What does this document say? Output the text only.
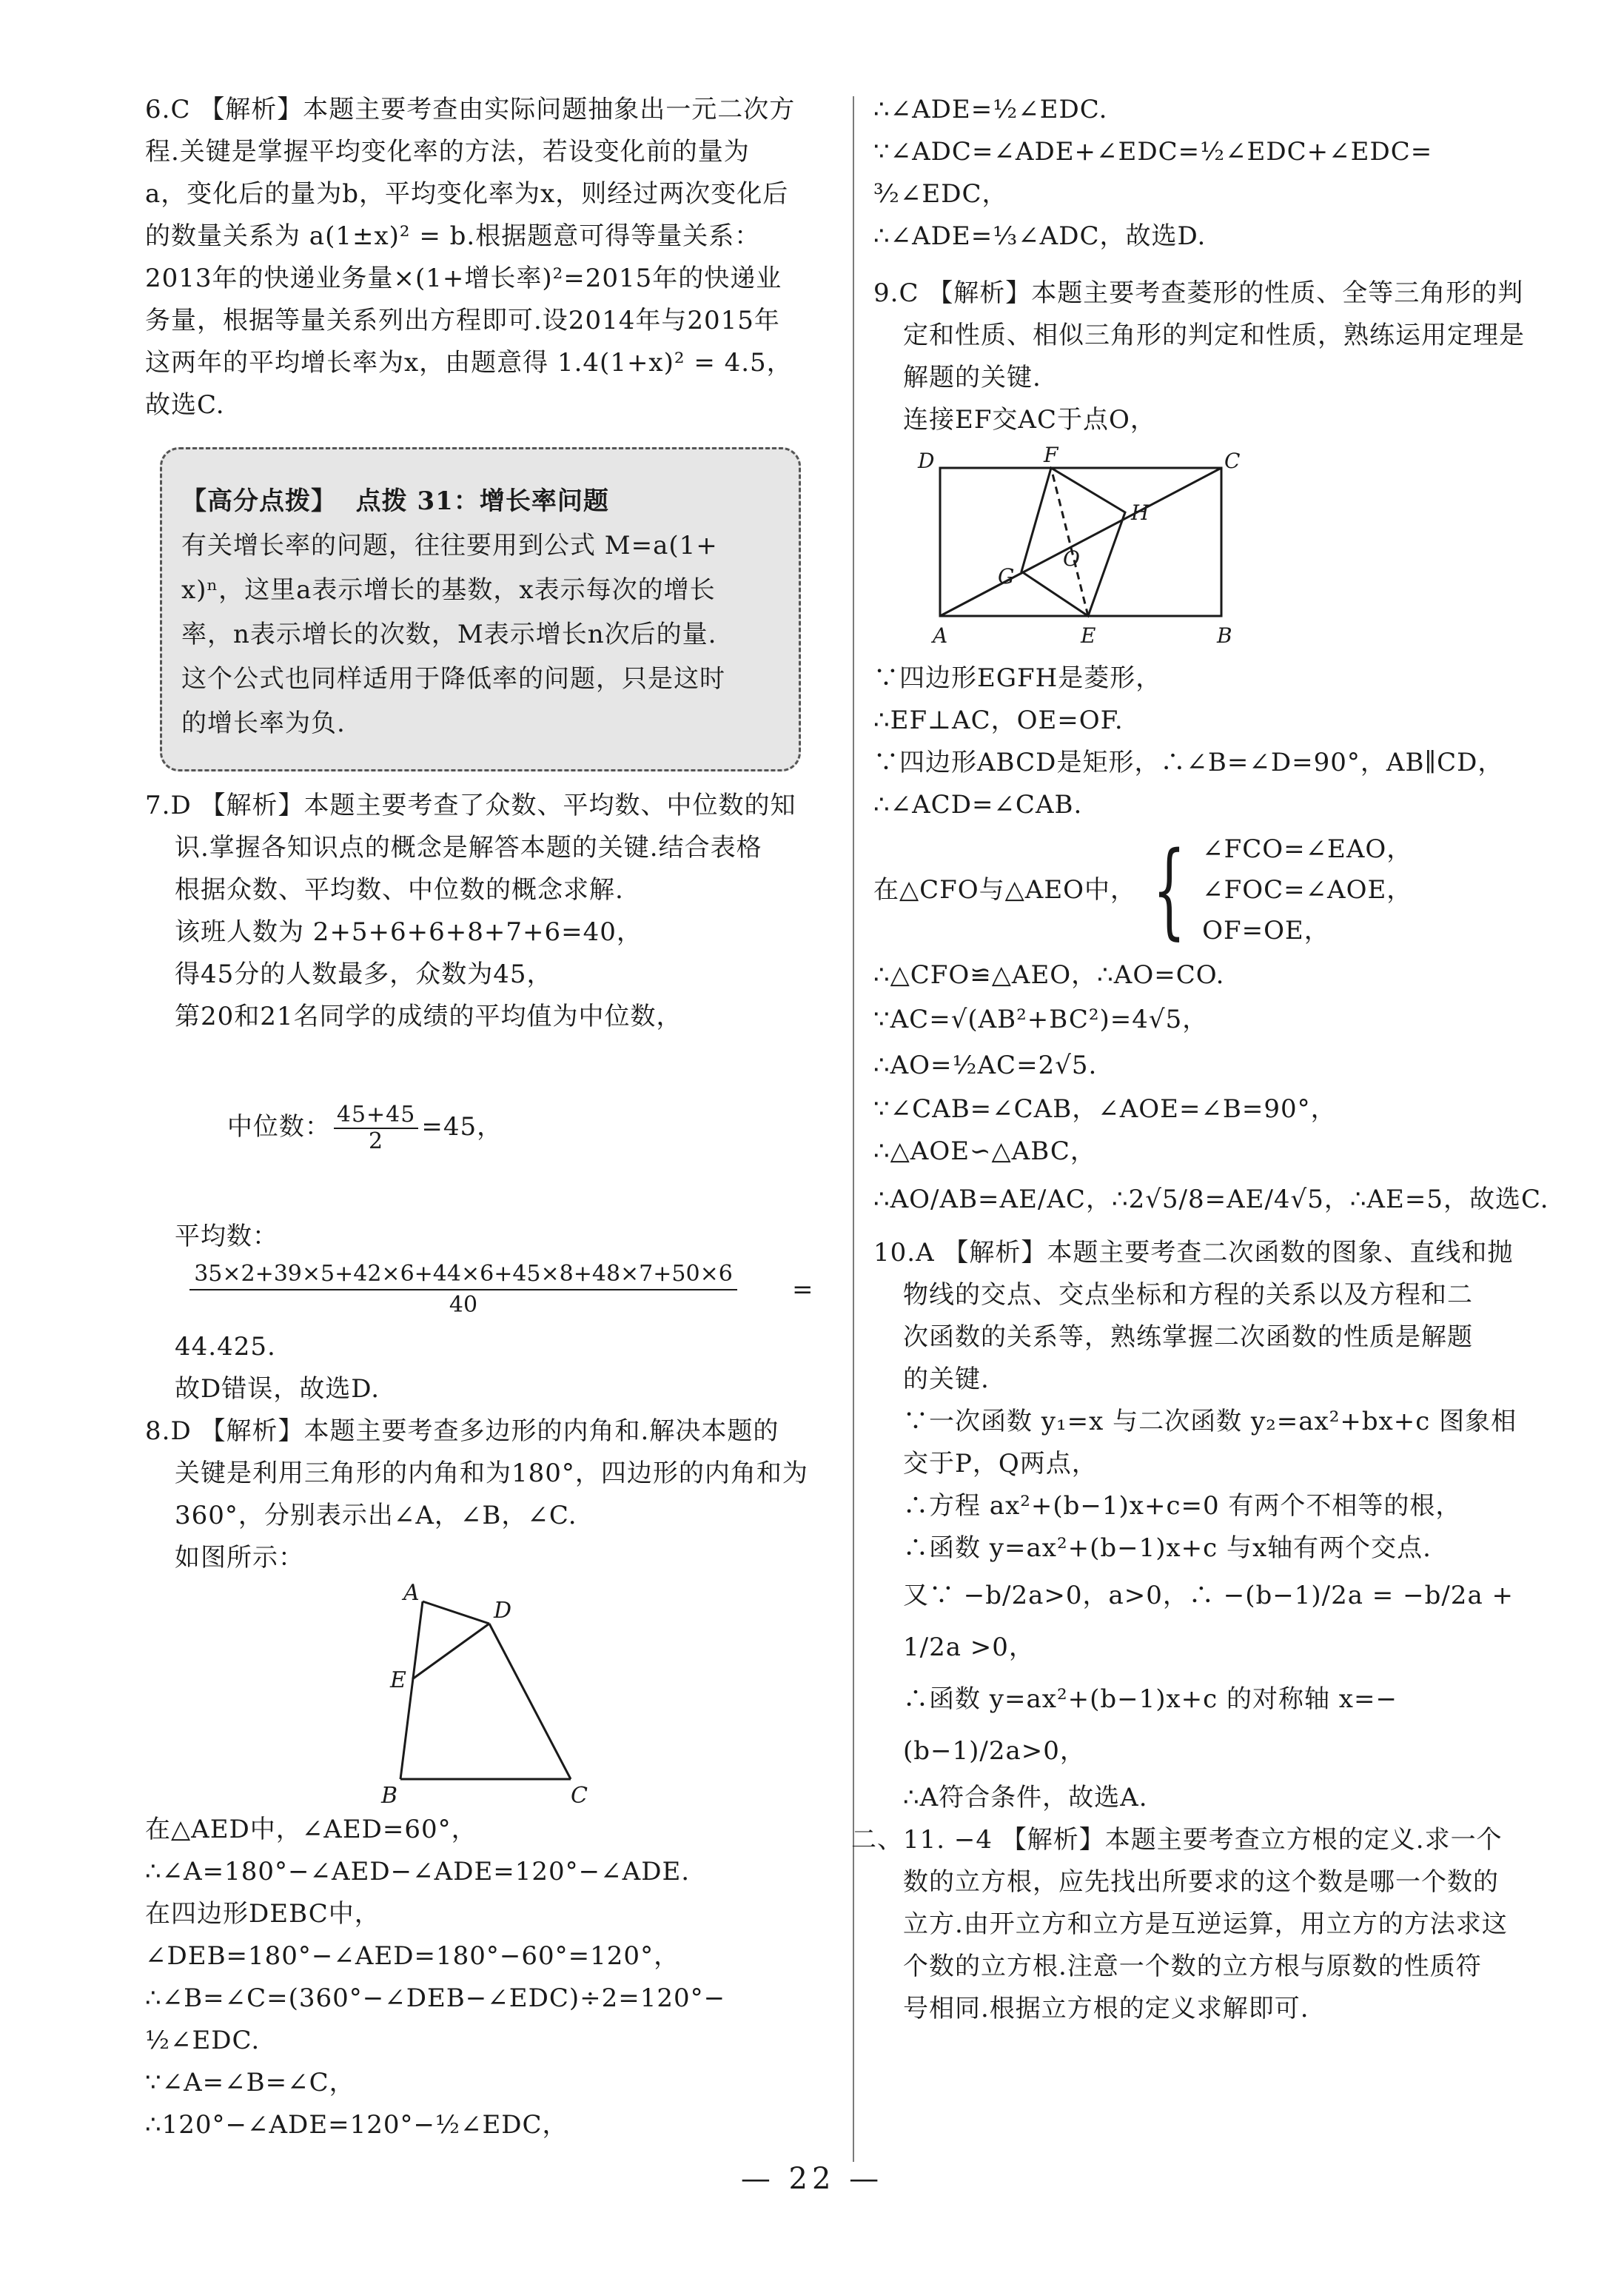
6.C 【解析】本题主要考查由实际问题抽象出一元二次方

程.关键是掌握平均变化率的方法，若设变化前的量为

a，变化后的量为b，平均变化率为x，则经过两次变化后

的数量关系为 a(1±x)² = b.根据题意可得等量关系：

2013年的快递业务量×(1+增长率)²=2015年的快递业

务量，根据等量关系列出方程即可.设2014年与2015年

这两年的平均增长率为x，由题意得 1.4(1+x)² = 4.5，

故选C.

【高分点拨】  点拨 31：增长率问题

有关增长率的问题，往往要用到公式 M=a(1+

x)ⁿ，这里a表示增长的基数，x表示每次的增长

率，n表示增长的次数，M表示增长n次后的量.

这个公式也同样适用于降低率的问题，只是这时

的增长率为负.

7.D 【解析】本题主要考查了众数、平均数、中位数的知

识.掌握各知识点的概念是解答本题的关键.结合表格

根据众数、平均数、中位数的概念求解.

该班人数为 2+5+6+6+8+7+6=40，

得45分的人数最多，众数为45，

第20和21名同学的成绩的平均值为中位数，

中位数： $\frac{45+45}{2} =45$，

平均数：

$\frac{35\times 2+39\times 5+42\times 6+44\times 6+45\times 8+48\times 7+50\times 6}{40}$ =

44.425.

故D错误，故选D.

8.D 【解析】本题主要考查多边形的内角和.解决本题的

关键是利用三角形的内角和为180°，四边形的内角和为

360°，分别表示出∠A，∠B，∠C.

如图所示：

A
D
E
B	C

在△AED中，∠AED=60°，

∴∠A=180°−∠AED−∠ADE=120°−∠ADE.

在四边形DEBC中，

∠DEB=180°−∠AED=180°−60°=120°，

∴∠B=∠C=(360°−∠DEB−∠EDC)÷2=120°−

½∠EDC.

∵∠A=∠B=∠C，

∴120°−∠ADE=120°−½∠EDC，

∴∠ADE=½∠EDC.

∵∠ADC=∠ADE+∠EDC=½∠EDC+∠EDC=

³⁄₂∠EDC，

∴∠ADE=⅓∠ADC，故选D.

9.C 【解析】本题主要考查菱形的性质、全等三角形的判

定和性质、相似三角形的判定和性质，熟练运用定理是

解题的关键.

连接EF交AC于点O，

D	F	C
H
G
O
A	E	B

∵四边形EGFH是菱形，

∴EF⊥AC，OE=OF.

∵四边形ABCD是矩形，∴∠B=∠D=90°，AB∥CD，

∴∠ACD=∠CAB.

在△CFO与△AEO中， { ∠FCO=∠EAO，

∠FOC=∠AOE，

OF=OE，

∴△CFO≌△AEO，∴AO=CO.

∵AC=√(AB²+BC²)=4√5，

∴AO=½AC=2√5.

∵∠CAB=∠CAB，∠AOE=∠B=90°，

∴△AOE∽△ABC，

∴AO/AB=AE/AC，∴2√5/8=AE/4√5，∴AE=5，故选C.

10.A 【解析】本题主要考查二次函数的图象、直线和抛

物线的交点、交点坐标和方程的关系以及方程和二

次函数的关系等，熟练掌握二次函数的性质是解题

的关键.

∵一次函数 y₁=x 与二次函数 y₂=ax²+bx+c 图象相

交于P，Q两点，

∴方程 ax²+(b−1)x+c=0 有两个不相等的根，

∴函数 y=ax²+(b−1)x+c 与x轴有两个交点.

又∵ −b/2a>0，a>0，∴ −(b−1)/2a = −b/2a + 1/2a >0，

∴函数 y=ax²+(b−1)x+c 的对称轴 x=−(b−1)/2a>0，

∴A符合条件，故选A.

二、11. −4 【解析】本题主要考查立方根的定义.求一个

数的立方根，应先找出所要求的这个数是哪一个数的

立方.由开立方和立方是互逆运算，用立方的方法求这

个数的立方根.注意一个数的立方根与原数的性质符

号相同.根据立方根的定义求解即可.

— 22 —
